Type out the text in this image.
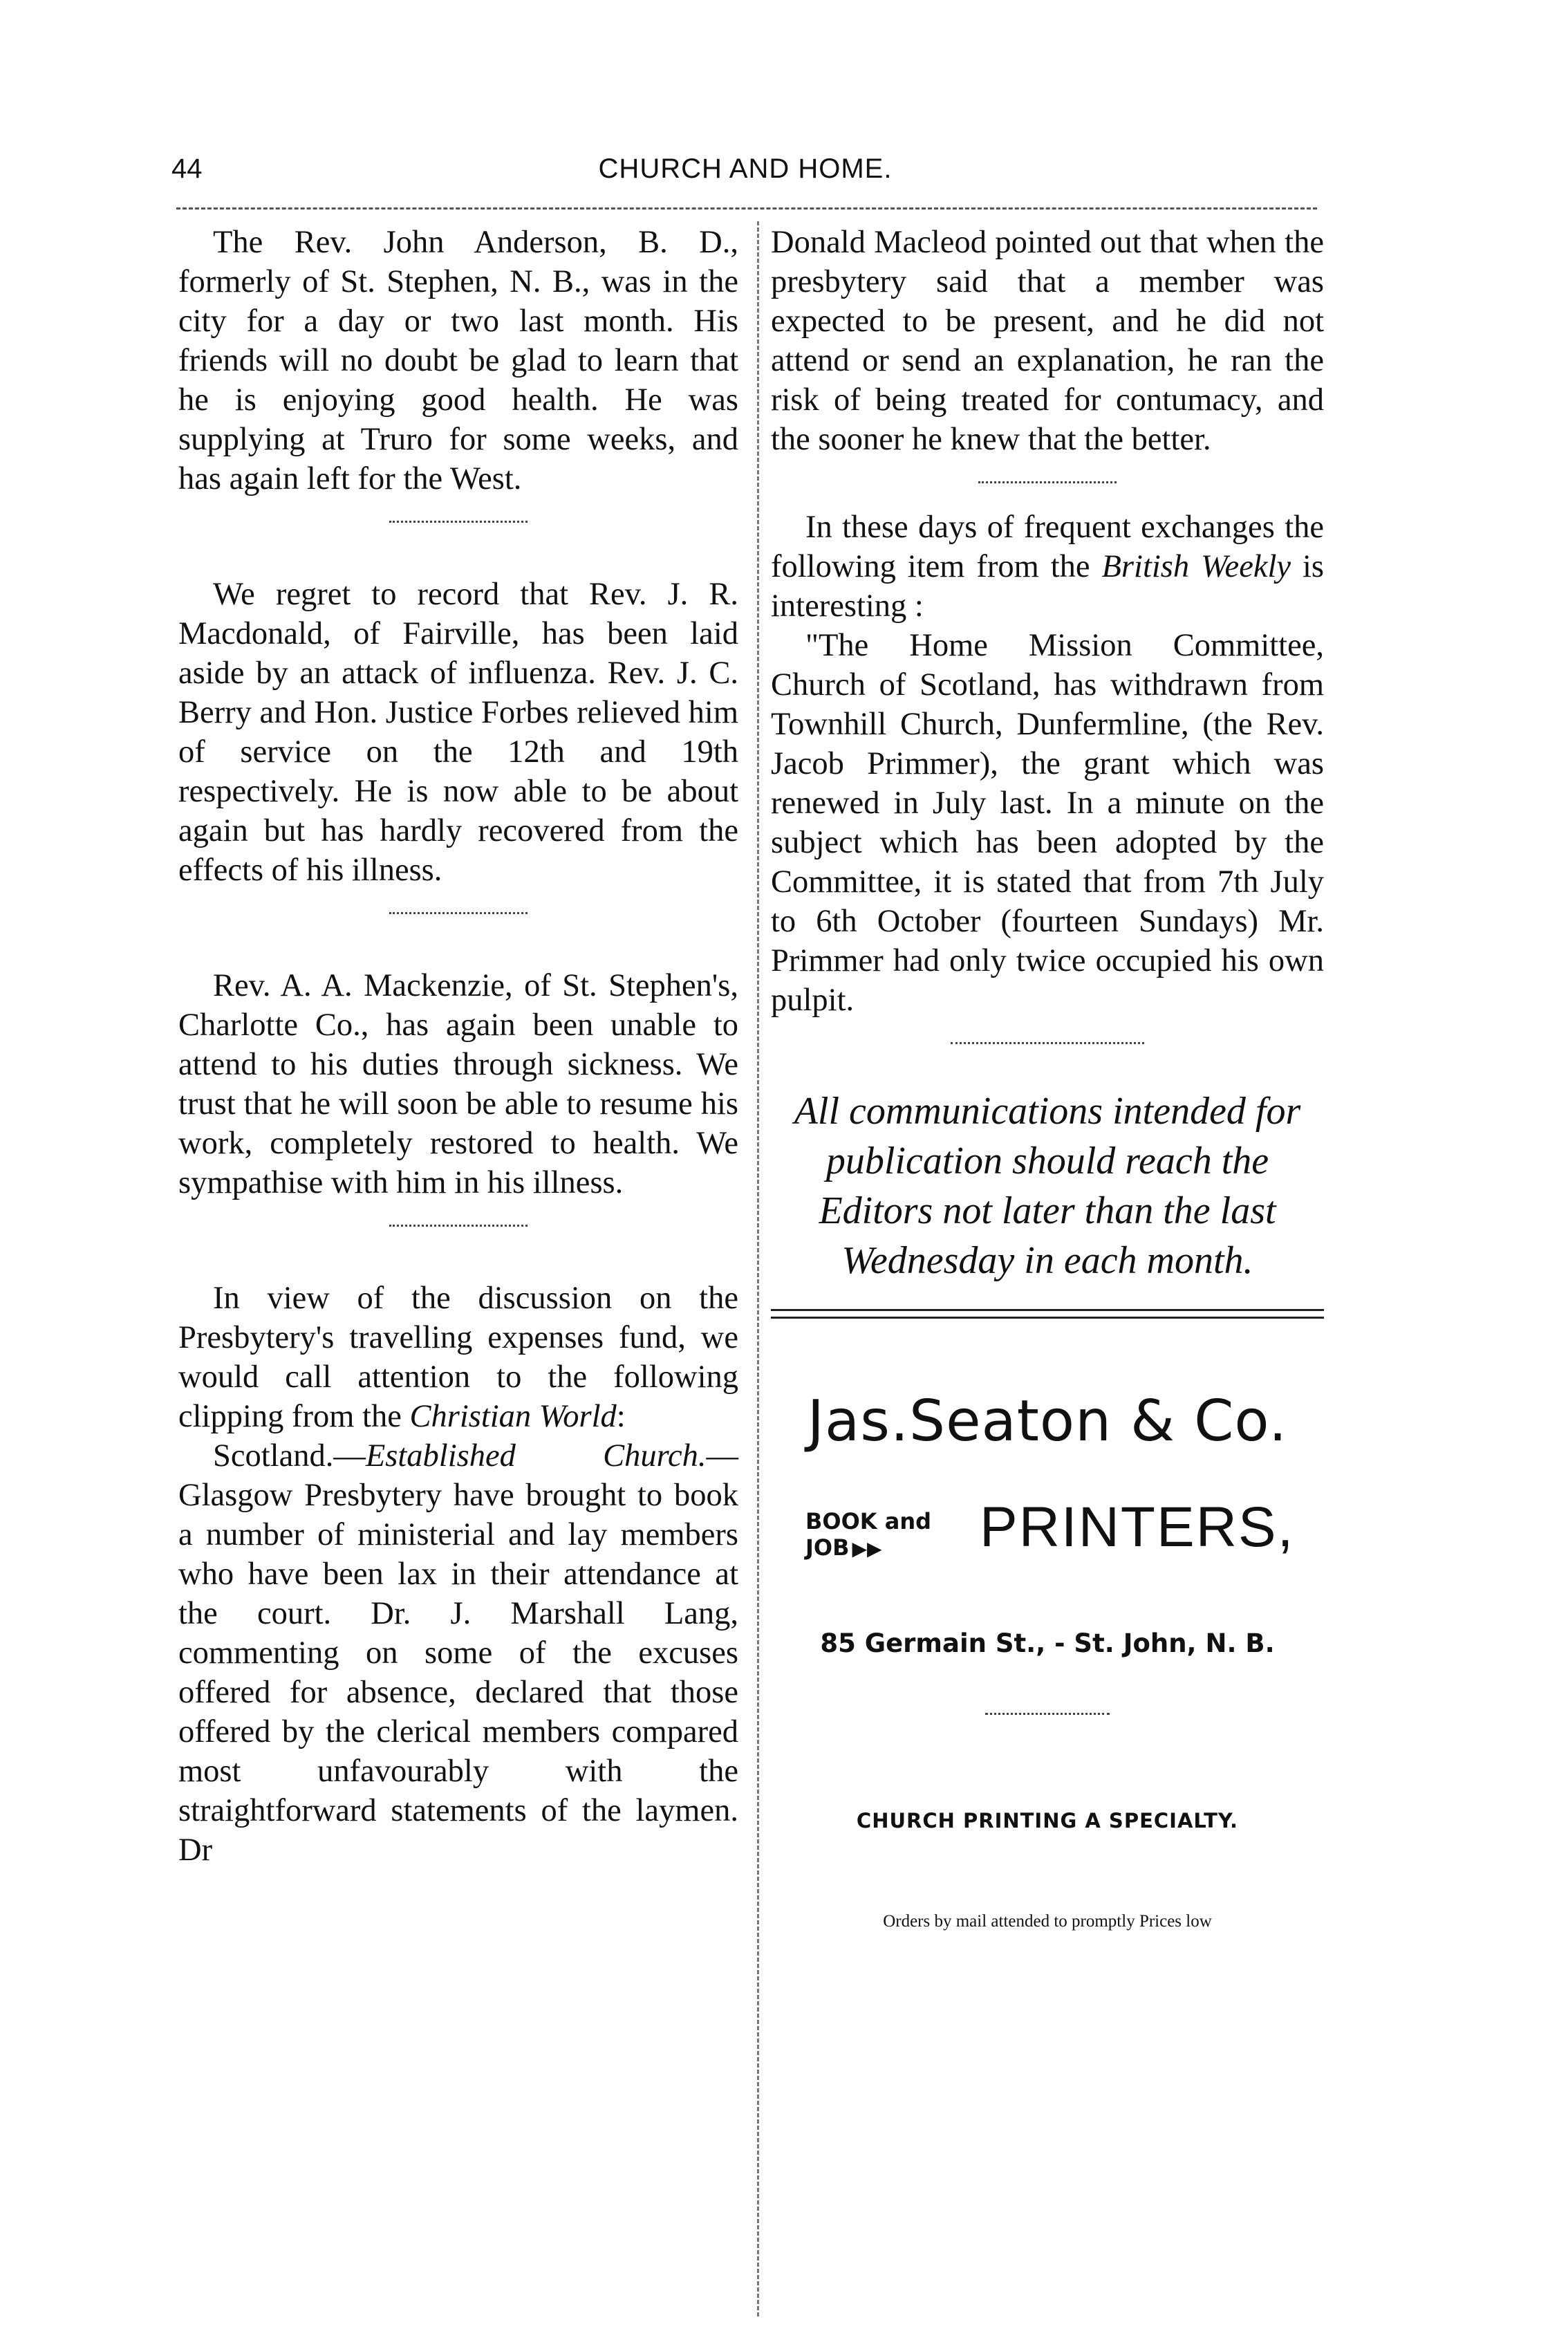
44	CHURCH AND HOME.

The Rev. John Anderson, B. D., formerly of St. Stephen, N. B., was in the city for a day or two last month. His friends will no doubt be glad to learn that he is enjoying good health. He was supplying at Truro for some weeks, and has again left for the West.

We regret to record that Rev. J. R. Macdonald, of Fairville, has been laid aside by an attack of influenza. Rev. J. C. Berry and Hon. Justice Forbes relieved him of service on the 12th and 19th respectively. He is now able to be about again but has hardly recovered from the effects of his illness.

Rev. A. A. Mackenzie, of St. Stephen's, Charlotte Co., has again been unable to attend to his duties through sickness. We trust that he will soon be able to resume his work, completely restored to health. We sympathise with him in his illness.

In view of the discussion on the Presbytery's travelling expenses fund, we would call attention to the following clipping from the Christian World:

Scotland.—Established Church.—Glasgow Presbytery have brought to book a number of ministerial and lay members who have been lax in their attendance at the court. Dr. J. Marshall Lang, commenting on some of the excuses offered for absence, declared that those offered by the clerical members compared most unfavourably with the straightforward statements of the laymen. Dr

Donald Macleod pointed out that when the presbytery said that a member was expected to be present, and he did not attend or send an explanation, he ran the risk of being treated for contumacy, and the sooner he knew that the better.

In these days of frequent exchanges the following item from the British Weekly is interesting :

"The Home Mission Committee, Church of Scotland, has withdrawn from Townhill Church, Dunfermline, (the Rev. Jacob Primmer), the grant which was renewed in July last. In a minute on the subject which has been adopted by the Committee, it is stated that from 7th July to 6th October (fourteen Sundays) Mr. Primmer had only twice occupied his own pulpit.

All communications intended for publication should reach the Editors not later than the last Wednesday in each month.
Jas.Seaton & Co.
BOOK and
JOB ▶▶ PRINTERS,
85 Germain St., - St. John, N. B.
CHURCH PRINTING A SPECIALTY.
Orders by mail attended to promptly Prices low
